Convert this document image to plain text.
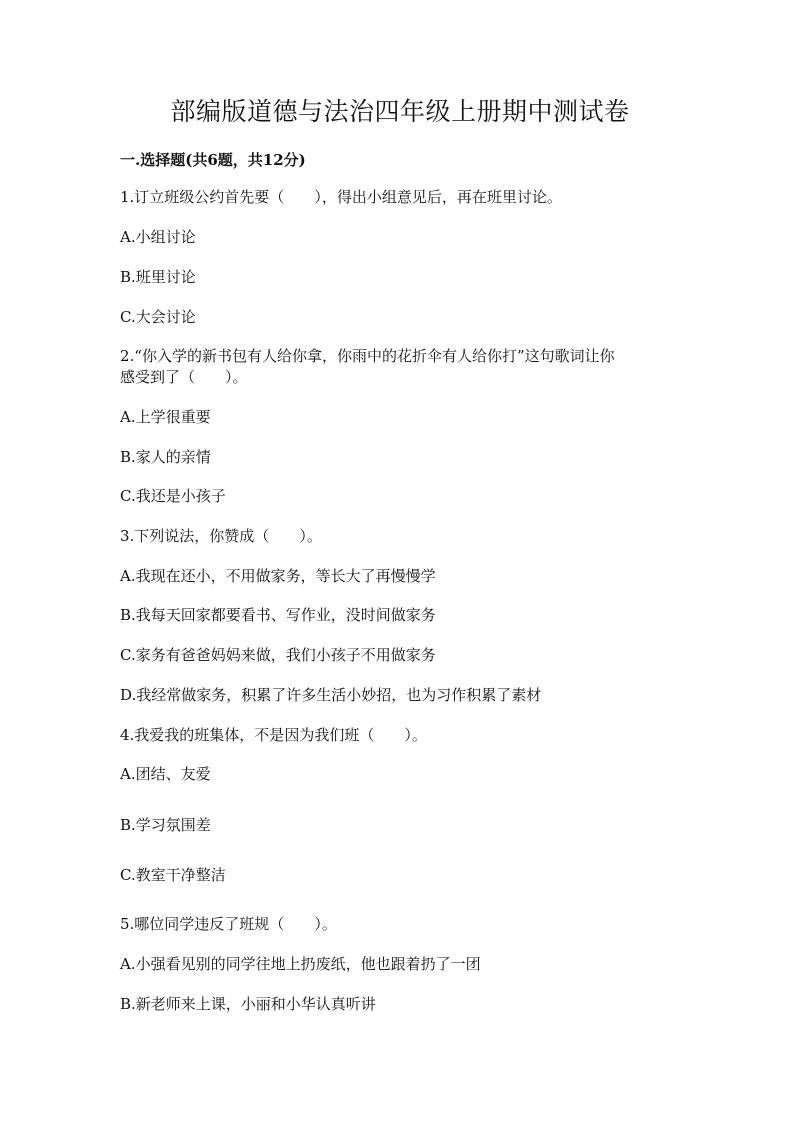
部编版道德与法治四年级上册期中测试卷
一.选择题(共6题，共12分)
1.订立班级公约首先要（　　），得出小组意见后，再在班里讨论。
A.小组讨论
B.班里讨论
C.大会讨论
2.“你入学的新书包有人给你拿，你雨中的花折伞有人给你打”这句歌词让你
感受到了（　　）。
A.上学很重要
B.家人的亲情
C.我还是小孩子
3.下列说法，你赞成（　　）。
A.我现在还小，不用做家务，等长大了再慢慢学
B.我每天回家都要看书、写作业，没时间做家务
C.家务有爸爸妈妈来做，我们小孩子不用做家务
D.我经常做家务，积累了许多生活小妙招，也为习作积累了素材
4.我爱我的班集体，不是因为我们班（　　）。
A.团结、友爱
B.学习氛围差
C.教室干净整洁
5.哪位同学违反了班规（　　）。
A.小强看见别的同学往地上扔废纸，他也跟着扔了一团
B.新老师来上课，小丽和小华认真听讲
